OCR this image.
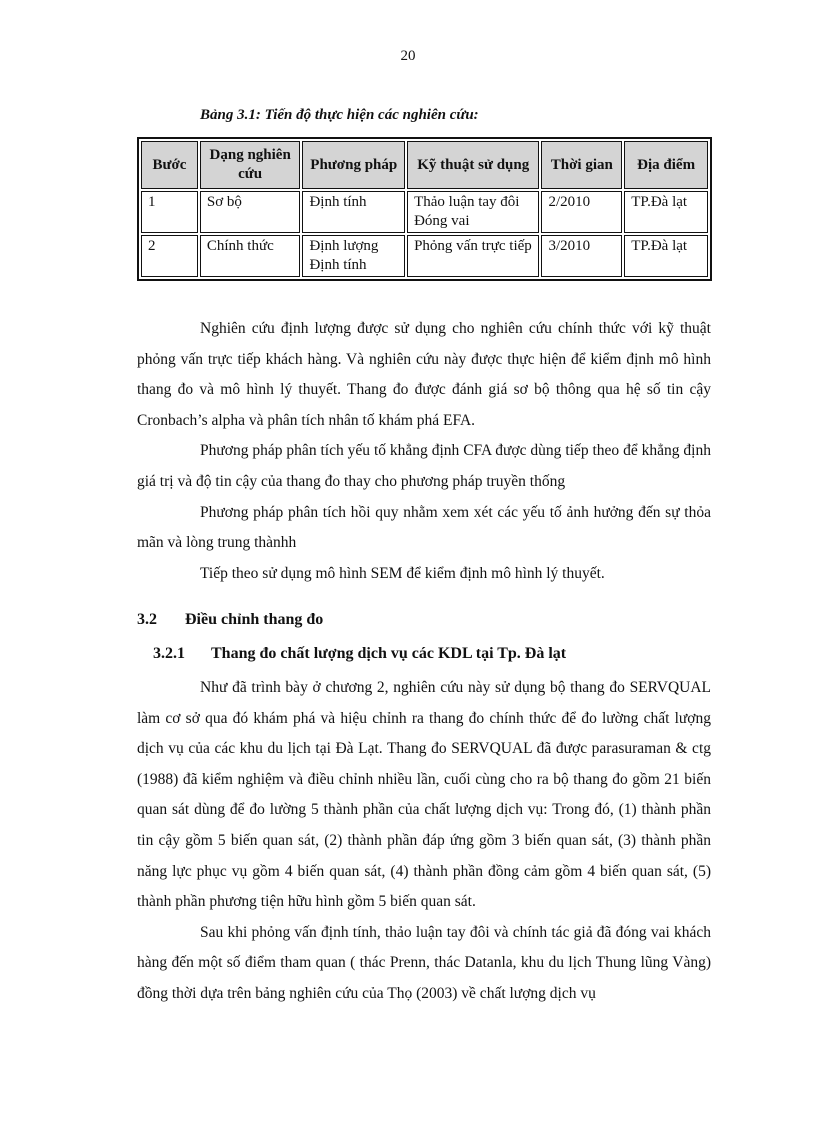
20
Bảng 3.1: Tiến độ thực hiện các nghiên cứu:
Bước	Dạng nghiên cứu	Phương pháp	Kỹ thuật sử dụng	Thời gian	Địa điểm
1	Sơ bộ	Định tính	Thảo luận tay đôi Đóng vai	2/2010	TP.Đà lạt
2	Chính thức	Định lượng Định tính	Phỏng vấn trực tiếp	3/2010	TP.Đà lạt

Nghiên cứu định lượng được sử dụng cho nghiên cứu chính thức với kỹ thuật phỏng vấn trực tiếp khách hàng. Và nghiên cứu này được thực hiện để kiểm định mô hình thang đo và mô hình lý thuyết. Thang đo được đánh giá sơ bộ thông qua hệ số tin cậy Cronbach’s alpha và phân tích nhân tố khám phá EFA.

Phương pháp phân tích yếu tố khẳng định CFA được dùng tiếp theo để khẳng định giá trị và độ tin cậy của thang đo thay cho phương pháp truyền thống

Phương pháp phân tích hồi quy nhằm xem xét các yếu tố ảnh hưởng đến sự thỏa mãn và lòng trung thànhh

Tiếp theo sử dụng mô hình SEM để kiểm định mô hình lý thuyết.

3.2 Điều chỉnh thang đo
3.2.1 Thang đo chất lượng dịch vụ các KDL tại Tp. Đà lạt

Như đã trình bày ở chương 2, nghiên cứu này sử dụng bộ thang đo SERVQUAL làm cơ sở qua đó khám phá và hiệu chỉnh ra thang đo chính thức để đo lường chất lượng dịch vụ của các khu du lịch tại Đà Lạt. Thang đo SERVQUAL đã được parasuraman & ctg (1988) đã kiểm nghiệm và điều chỉnh nhiều lần, cuối cùng cho ra bộ thang đo gồm 21 biến quan sát dùng để đo lường 5 thành phần của chất lượng dịch vụ: Trong đó, (1) thành phần tin cậy gồm 5 biến quan sát, (2) thành phần đáp ứng gồm 3 biến quan sát, (3) thành phần năng lực phục vụ gồm 4 biến quan sát, (4) thành phần đồng cảm gồm 4 biến quan sát, (5) thành phần phương tiện hữu hình gồm 5 biến quan sát.

Sau khi phỏng vấn định tính, thảo luận tay đôi và chính tác giả đã đóng vai khách hàng đến một số điểm tham quan ( thác Prenn, thác Datanla, khu du lịch Thung lũng Vàng) đồng thời dựa trên bảng nghiên cứu của Thọ (2003) về chất lượng dịch vụ
